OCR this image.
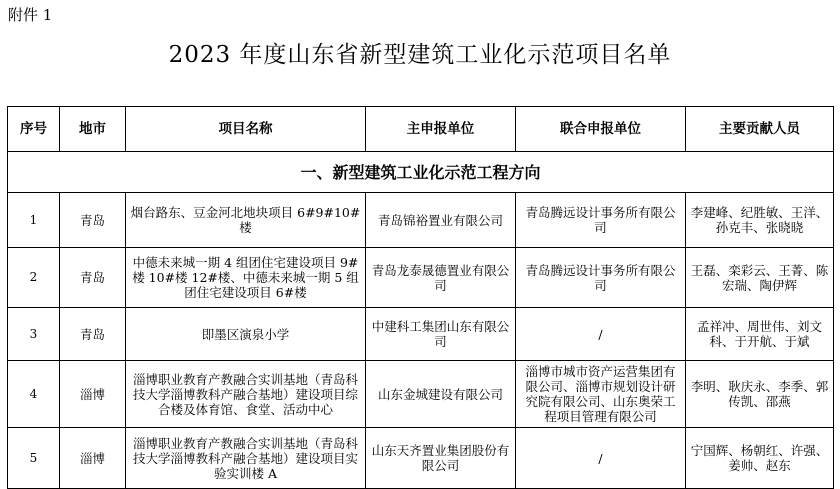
附件 1
2023 年度山东省新型建筑工业化示范项目名单
序号	地市	项目名称	主申报单位	联合申报单位	主要贡献人员
一、新型建筑工业化示范工程方向					
1	青岛	烟台路东、豆金河北地块项目 6#9#10#楼	青岛锦裕置业有限公司	青岛腾远设计事务所有限公司	李建峰、纪胜敏、王洋、孙克丰、张晓晓
2	青岛	中德未来城一期 4 组团住宅建设项目 9#楼 10#楼 12#楼、中德未来城一期 5 组团住宅建设项目 6#楼	青岛龙泰晟德置业有限公司	青岛腾远设计事务所有限公司	王磊、栾彩云、王菁、陈宏瑞、陶伊辉
3	青岛	即墨区演泉小学	中建科工集团山东有限公司	/	孟祥冲、周世伟、刘文科、于开航、于斌
4	淄博	淄博职业教育产教融合实训基地（青岛科技大学淄博教科产融合基地）建设项目综合楼及体育馆、食堂、活动中心	山东金城建设有限公司	淄博市城市资产运营集团有限公司、淄博市规划设计研究院有限公司、山东奥荣工程项目管理有限公司	李明、耿庆永、李季、郭传凯、邵燕
5	淄博	淄博职业教育产教融合实训基地（青岛科技大学淄博教科产融合基地）建设项目实验实训楼 A	山东天齐置业集团股份有限公司	/	宁国辉、杨朝红、许强、姜帅、赵东
